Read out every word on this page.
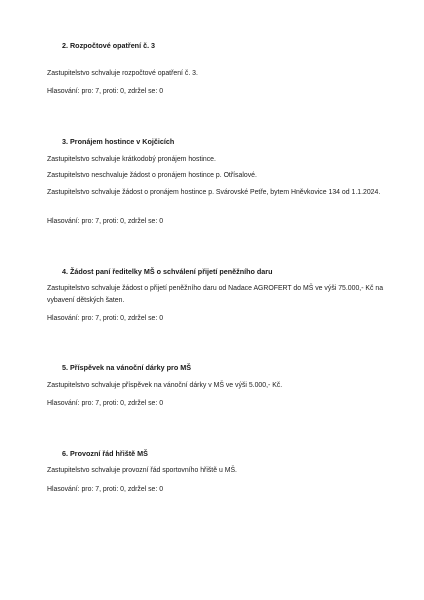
2. Rozpočtové opatření č. 3
Zastupitelstvo schvaluje rozpočtové opatření č. 3.
Hlasování: pro: 7, proti: 0, zdržel se: 0
3. Pronájem hostince v Kojčicích
Zastupitelstvo schvaluje krátkodobý pronájem hostince.
Zastupitelstvo neschvaluje žádost o pronájem hostince p. Otřísalové.
Zastupitelstvo schvaluje žádost o pronájem hostince p. Svárovské Petře, bytem Hněvkovice 134 od 1.1.2024.
Hlasování: pro: 7, proti: 0, zdržel se: 0
4. Žádost paní ředitelky MŠ o schválení přijetí peněžního daru
Zastupitelstvo schvaluje žádost o přijetí peněžního daru od Nadace AGROFERT do MŠ ve výši 75.000,- Kč na vybavení dětských šaten.
Hlasování: pro: 7, proti: 0, zdržel se: 0
5. Příspěvek na vánoční dárky pro MŠ
Zastupitelstvo schvaluje příspěvek na vánoční dárky v MŠ ve výši 5.000,- Kč.
Hlasování: pro: 7, proti: 0, zdržel se: 0
6. Provozní řád hřiště MŠ
Zastupitelstvo schvaluje provozní řád sportovního hřiště u MŠ.
Hlasování: pro: 7, proti: 0, zdržel se: 0
